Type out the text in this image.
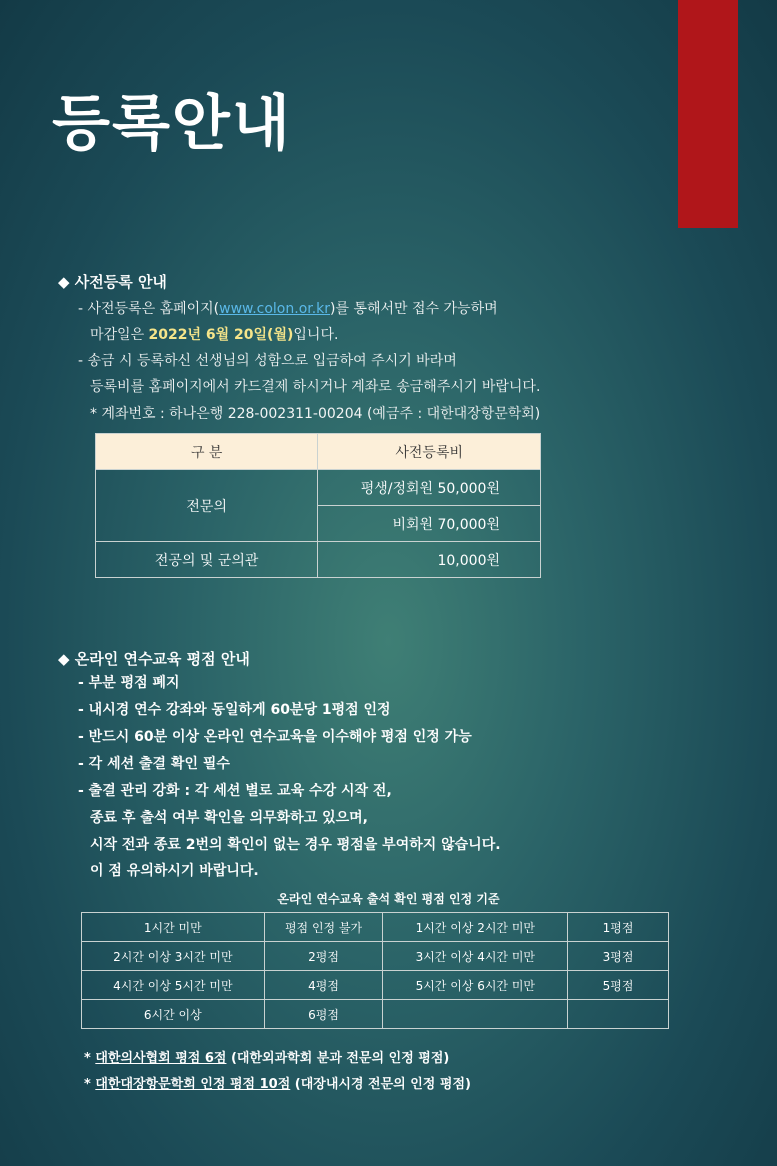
등록안내
◆ 사전등록 안내
- 사전등록은 홈페이지(www.colon.or.kr)를 통해서만 접수 가능하며
마감일은 2022년 6월 20일(월)입니다.
- 송금 시 등록하신 선생님의 성함으로 입금하여 주시기 바라며
등록비를 홈페이지에서 카드결제 하시거나 계좌로 송금해주시기 바랍니다.
* 계좌번호 : 하나은행 228-002311-00204 (예금주 : 대한대장항문학회)
구 분	사전등록비
전문의	평생/정회원 50,000원
	비회원 70,000원
전공의 및 군의관	10,000원
◆ 온라인 연수교육 평점 안내
- 부분 평점 폐지
- 내시경 연수 강좌와 동일하게 60분당 1평점 인정
- 반드시 60분 이상 온라인 연수교육을 이수해야 평점 인정 가능
- 각 세션 출결 확인 필수
- 출결 관리 강화 : 각 세션 별로 교육 수강 시작 전,
종료 후 출석 여부 확인을 의무화하고 있으며,
시작 전과 종료 2번의 확인이 없는 경우 평점을 부여하지 않습니다.
이 점 유의하시기 바랍니다.
온라인 연수교육 출석 확인 평점 인정 기준
1시간 미만	평점 인정 불가	1시간 이상 2시간 미만	1평점
2시간 이상 3시간 미만	2평점	3시간 이상 4시간 미만	3평점
4시간 이상 5시간 미만	4평점	5시간 이상 6시간 미만	5평점
6시간 이상	6평점		
* 대한의사협회 평점 6점 (대한외과학회 분과 전문의 인정 평점)
* 대한대장항문학회 인정 평점 10점 (대장내시경 전문의 인정 평점)
